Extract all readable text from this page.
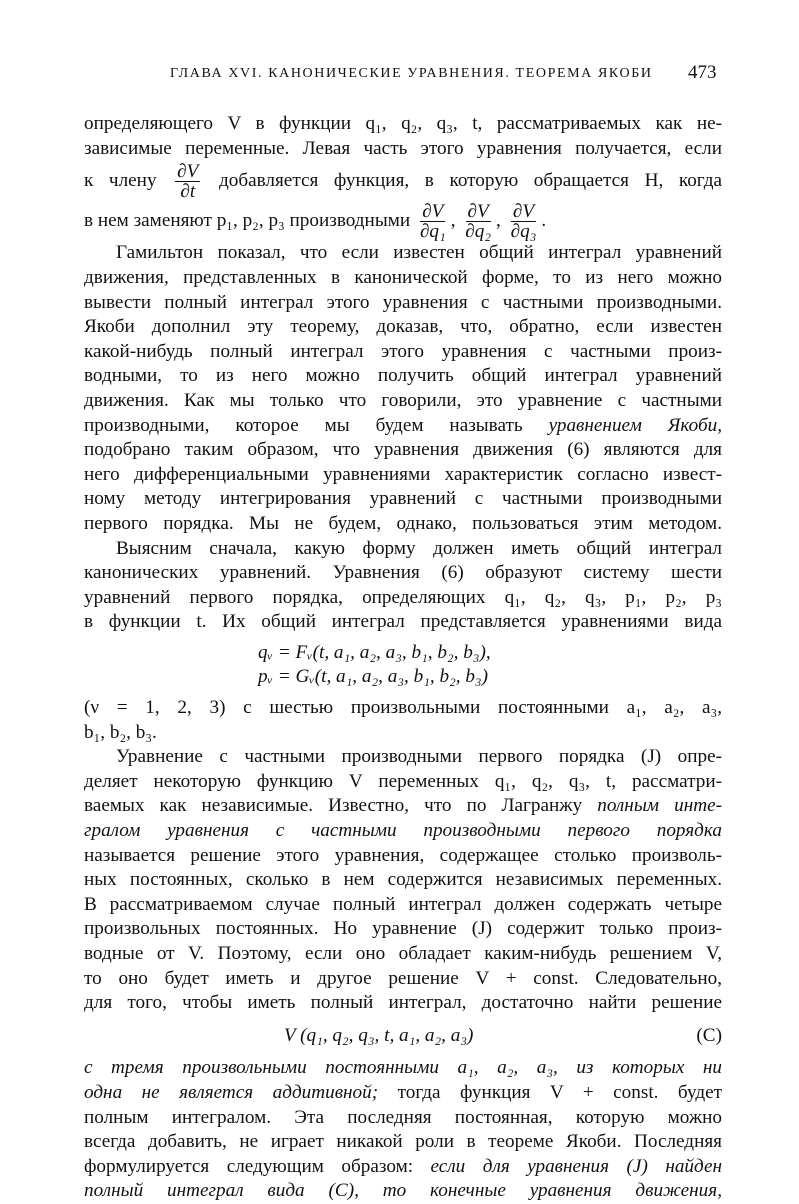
ГЛАВА XVI. КАНОНИЧЕСКИЕ УРАВНЕНИЯ. ТЕОРЕМА ЯКОБИ	473
определяющего V в функции q₁, q₂, q₃, t, рассматриваемых как не-
зависимые переменные. Левая часть этого уравнения получается, если
к члену $\frac{\partial V}{\partial t}$ добавляется функция, в которую обращается H, когда
в нем заменяют p₁, p₂, p₃ производными $\frac{\partial V}{\text{∂q₁}}$ , $\frac{\partial V}{\text{∂q₂}}$ , $\frac{\partial V}{\text{∂q₃}}$ .
Гамильтон показал, что если известен общий интеграл уравнений
движения, представленных в канонической форме, то из него можно
вывести полный интеграл этого уравнения с частными производными.
Якоби дополнил эту теорему, доказав, что, обратно, если известен
какой-нибудь полный интеграл этого уравнения с частными произ-
водными, то из него можно получить общий интеграл уравнений
движения. Как мы только что говорили, это уравнение с частными
производными, которое мы будем называть уравнением Якоби,
подобрано таким образом, что уравнения движения (6) являются для
него дифференциальными уравнениями характеристик согласно извест-
ному методу интегрирования уравнений с частными производными
первого порядка. Мы не будем, однако, пользоваться этим методом.
Выясним сначала, какую форму должен иметь общий интеграл
канонических уравнений. Уравнения (6) образуют систему шести
уравнений первого порядка, определяющих q₁, q₂, q₃, p₁, p₂, p₃
в функции t. Их общий интеграл представляется уравнениями вида
qᵥ = Fᵥ(t, a₁, a₂, a₃, b₁, b₂, b₃),
pᵥ = Gᵥ(t, a₁, a₂, a₃, b₁, b₂, b₃)
(ν = 1, 2, 3) с шестью произвольными постоянными a₁, a₂, a₃,
b₁, b₂, b₃.
Уравнение с частными производными первого порядка (J) опре-
деляет некоторую функцию V переменных q₁, q₂, q₃, t, рассматри-
ваемых как независимые. Известно, что по Лагранжу полным инте-
гралом уравнения с частными производными первого порядка
называется решение этого уравнения, содержащее столько произволь-
ных постоянных, сколько в нем содержится независимых переменных.
В рассматриваемом случае полный интеграл должен содержать четыре
произвольных постоянных. Но уравнение (J) содержит только произ-
водные от V. Поэтому, если оно обладает каким-нибудь решением V,
то оно будет иметь и другое решение V + const. Следовательно,
для того, чтобы иметь полный интеграл, достаточно найти решение
V (q₁, q₂, q₃, t, a₁, a₂, a₃)	(C)
с тремя произвольными постоянными a₁, a₂, a₃, из которых ни
одна не является аддитивной; тогда функция V + const. будет
полным интегралом. Эта последняя постоянная, которую можно
всегда добавить, не играет никакой роли в теореме Якоби. Последняя
формулируется следующим образом: если для уравнения (J) найден
полный интеграл вида (C), то конечные уравнения движения,
